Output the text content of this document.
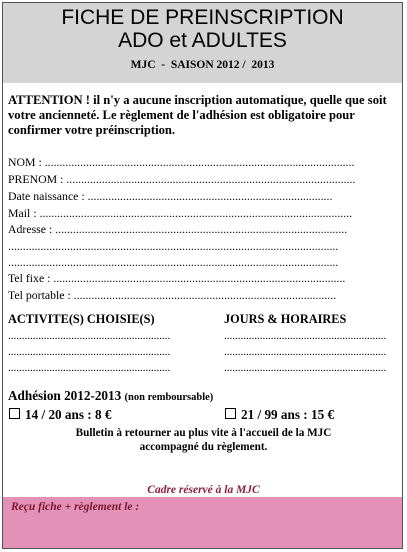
FICHE DE PREINSCRIPTION
ADO et ADULTES
MJC  -  SAISON 2012 /  2013
ATTENTION ! il n'y a aucune inscription automatique, quelle que soit votre ancienneté. Le règlement de l'adhésion est obligatoire pour confirmer votre préinscription.
NOM : .........................................................................................................
PRENOM : ..................................................................................................
Date naissance : ...................................................................................
Mail : ..........................................................................................................
Adresse : ...................................................................................................
................................................................................................................
................................................................................................................
Tel fixe : ...................................................................................................
Tel portable : .........................................................................................
ACTIVITE(S) CHOISIE(S)	JOURS & HORAIRES
...........................................................
...........................................................
...........................................................
...........................................................
...........................................................
...........................................................
Adhésion 2012-2013 (non remboursable)
14 / 20 ans : 8 €	21 / 99 ans : 15 €
Bulletin à retourner au plus vite à l'accueil de la MJC
accompagné du règlement.
Cadre réservé à la MJC
Reçu fiche + règlement le :
